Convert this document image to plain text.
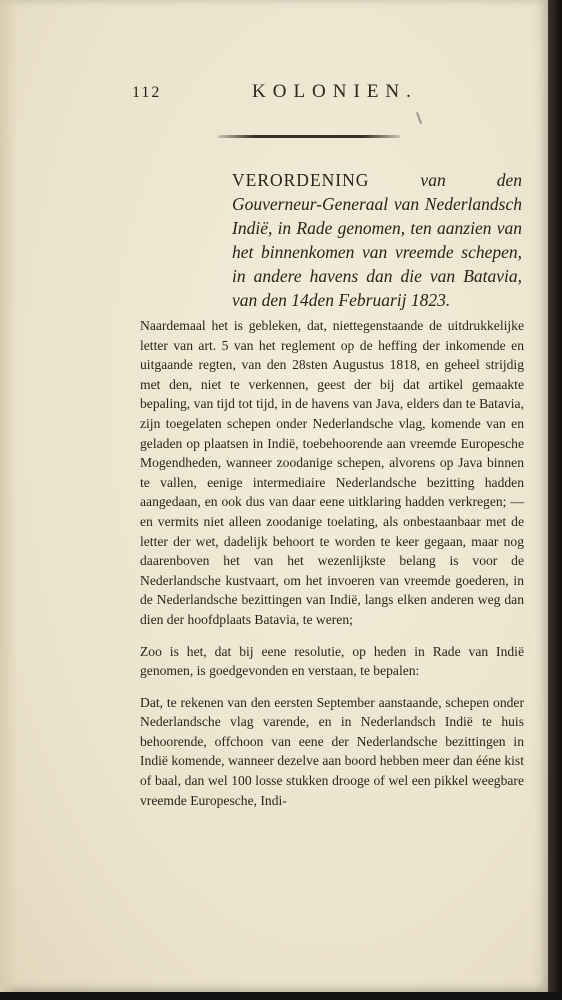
112	KOLONIEN.
VERORDENING van den Gouverneur-Generaal van Nederlandsch Indië, in Rade genomen, ten aanzien van het binnenkomen van vreemde schepen, in andere havens dan die van Batavia, van den 14den Februarij 1823.

Naardemaal het is gebleken, dat, niettegenstaande de uitdrukkelijke letter van art. 5 van het reglement op de heffing der inkomende en uitgaande regten, van den 28sten Augustus 1818, en geheel strijdig met den, niet te verkennen, geest der bij dat artikel gemaakte bepaling, van tijd tot tijd, in de havens van Java, elders dan te Batavia, zijn toegelaten schepen onder Nederlandsche vlag, komende van en geladen op plaatsen in Indië, toebehoorende aan vreemde Europesche Mogendheden, wanneer zoodanige schepen, alvorens op Java binnen te vallen, eenige intermediaire Nederlandsche bezitting hadden aangedaan, en ook dus van daar eene uitklaring hadden verkregen; — en vermits niet alleen zoodanige toelating, als onbestaanbaar met de letter der wet, dadelijk behoort te worden te keer gegaan, maar nog daarenboven het van het wezenlijkste belang is voor de Nederlandsche kustvaart, om het invoeren van vreemde goederen, in de Nederlandsche bezittingen van Indië, langs elken anderen weg dan dien der hoofdplaats Batavia, te weren;

Zoo is het, dat bij eene resolutie, op heden in Rade van Indië genomen, is goedgevonden en verstaan, te bepalen:

Dat, te rekenen van den eersten September aanstaande, schepen onder Nederlandsche vlag varende, en in Nederlandsch Indië te huis behoorende, offchoon van eene der Nederlandsche bezittingen in Indië komende, wanneer dezelve aan boord hebben meer dan éénе kist of baal, dan wel 100 losse stukken drooge of wel een pikkel weegbare vreemde Europesche, Indi-
